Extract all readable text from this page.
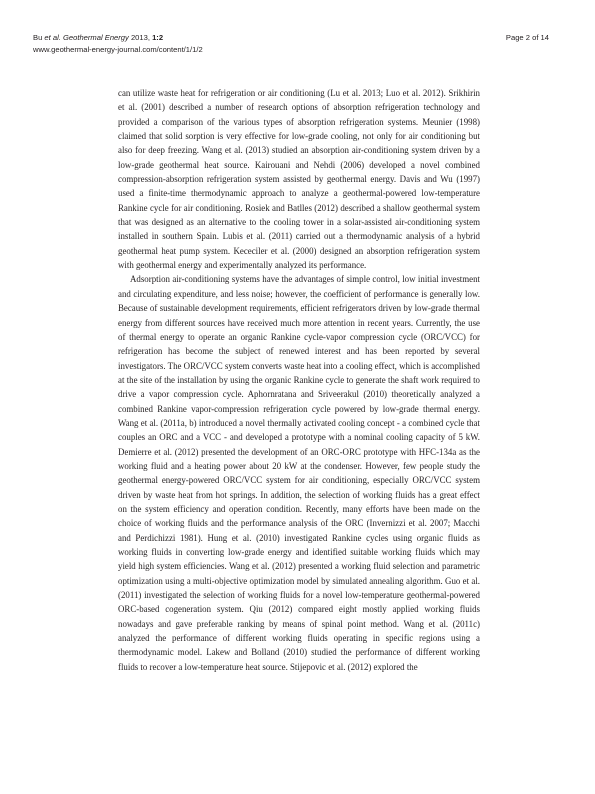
Bu et al. Geothermal Energy 2013, 1:2
www.geothermal-energy-journal.com/content/1/1/2
Page 2 of 14

can utilize waste heat for refrigeration or air conditioning (Lu et al. 2013; Luo et al. 2012). Srikhirin et al. (2001) described a number of research options of absorption refrigeration technology and provided a comparison of the various types of absorption refrigeration systems. Meunier (1998) claimed that solid sorption is very effective for low-grade cooling, not only for air conditioning but also for deep freezing. Wang et al. (2013) studied an absorption air-conditioning system driven by a low-grade geothermal heat source. Kairouani and Nehdi (2006) developed a novel combined compression-absorption refrigeration system assisted by geothermal energy. Davis and Wu (1997) used a finite-time thermodynamic approach to analyze a geothermal-powered low-temperature Rankine cycle for air conditioning. Rosiek and Batlles (2012) described a shallow geothermal system that was designed as an alternative to the cooling tower in a solar-assisted air-conditioning system installed in southern Spain. Lubis et al. (2011) carried out a thermodynamic analysis of a hybrid geothermal heat pump system. Kececiler et al. (2000) designed an absorption refrigeration system with geothermal energy and experimentally analyzed its performance.

Adsorption air-conditioning systems have the advantages of simple control, low initial investment and circulating expenditure, and less noise; however, the coefficient of performance is generally low. Because of sustainable development requirements, efficient refrigerators driven by low-grade thermal energy from different sources have received much more attention in recent years. Currently, the use of thermal energy to operate an organic Rankine cycle-vapor compression cycle (ORC/VCC) for refrigeration has become the subject of renewed interest and has been reported by several investigators. The ORC/VCC system converts waste heat into a cooling effect, which is accomplished at the site of the installation by using the organic Rankine cycle to generate the shaft work required to drive a vapor compression cycle. Aphornratana and Sriveerakul (2010) theoretically analyzed a combined Rankine vapor-compression refrigeration cycle powered by low-grade thermal energy. Wang et al. (2011a, b) introduced a novel thermally activated cooling concept - a combined cycle that couples an ORC and a VCC - and developed a prototype with a nominal cooling capacity of 5 kW. Demierre et al. (2012) presented the development of an ORC-ORC prototype with HFC-134a as the working fluid and a heating power about 20 kW at the condenser. However, few people study the geothermal energy-powered ORC/VCC system for air conditioning, especially ORC/VCC system driven by waste heat from hot springs. In addition, the selection of working fluids has a great effect on the system efficiency and operation condition. Recently, many efforts have been made on the choice of working fluids and the performance analysis of the ORC (Invernizzi et al. 2007; Macchi and Perdichizzi 1981). Hung et al. (2010) investigated Rankine cycles using organic fluids as working fluids in converting low-grade energy and identified suitable working fluids which may yield high system efficiencies. Wang et al. (2012) presented a working fluid selection and parametric optimization using a multi-objective optimization model by simulated annealing algorithm. Guo et al. (2011) investigated the selection of working fluids for a novel low-temperature geothermal-powered ORC-based cogeneration system. Qiu (2012) compared eight mostly applied working fluids nowadays and gave preferable ranking by means of spinal point method. Wang et al. (2011c) analyzed the performance of different working fluids operating in specific regions using a thermodynamic model. Lakew and Bolland (2010) studied the performance of different working fluids to recover a low-temperature heat source. Stijepovic et al. (2012) explored the
